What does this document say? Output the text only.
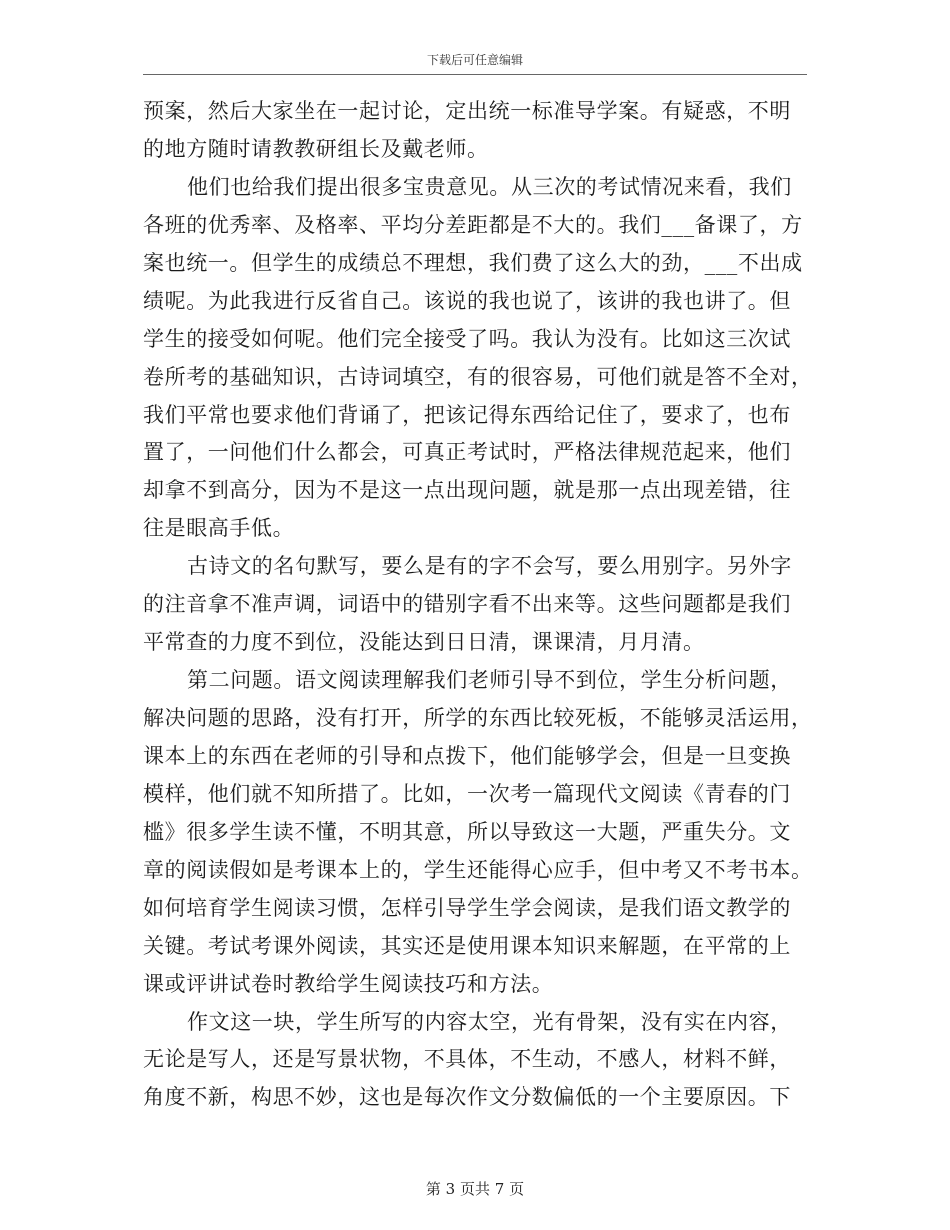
下载后可任意编辑
预案，然后大家坐在一起讨论，定出统一标准导学案。有疑惑，不明
的地方随时请教教研组长及戴老师。
他们也给我们提出很多宝贵意见。从三次的考试情况来看，我们
各班的优秀率、及格率、平均分差距都是不大的。我们___备课了，方
案也统一。但学生的成绩总不理想，我们费了这么大的劲，___不出成
绩呢。为此我进行反省自己。该说的我也说了，该讲的我也讲了。但
学生的接受如何呢。他们完全接受了吗。我认为没有。比如这三次试
卷所考的基础知识，古诗词填空，有的很容易，可他们就是答不全对，
我们平常也要求他们背诵了，把该记得东西给记住了，要求了，也布
置了，一问他们什么都会，可真正考试时，严格法律规范起来，他们
却拿不到高分，因为不是这一点出现问题，就是那一点出现差错，往
往是眼高手低。
古诗文的名句默写，要么是有的字不会写，要么用别字。另外字
的注音拿不准声调，词语中的错别字看不出来等。这些问题都是我们
平常查的力度不到位，没能达到日日清，课课清，月月清。
第二问题。语文阅读理解我们老师引导不到位，学生分析问题，
解决问题的思路，没有打开，所学的东西比较死板，不能够灵活运用，
课本上的东西在老师的引导和点拨下，他们能够学会，但是一旦变换
模样，他们就不知所措了。比如，一次考一篇现代文阅读《青春的门
槛》很多学生读不懂，不明其意，所以导致这一大题，严重失分。文
章的阅读假如是考课本上的，学生还能得心应手，但中考又不考书本。
如何培育学生阅读习惯，怎样引导学生学会阅读，是我们语文教学的
关键。考试考课外阅读，其实还是使用课本知识来解题，在平常的上
课或评讲试卷时教给学生阅读技巧和方法。
作文这一块，学生所写的内容太空，光有骨架，没有实在内容，
无论是写人，还是写景状物，不具体，不生动，不感人，材料不鲜，
角度不新，构思不妙，这也是每次作文分数偏低的一个主要原因。下
第 3 页共 7 页
